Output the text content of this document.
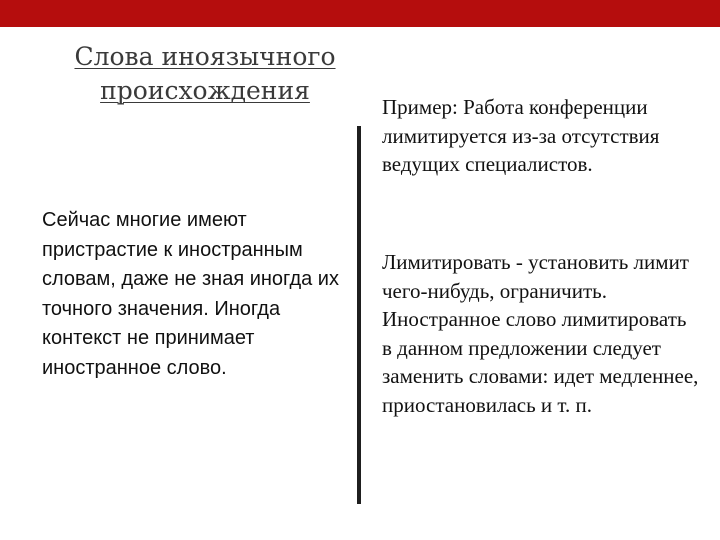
Слова иноязычного
происхождения
Сейчас многие имеют пристрастие к иностранным словам, даже не зная иногда их точного значения. Иногда контекст не принимает иностранное слово.
Пример: Работа конференции лимитируется из-за отсутствия ведущих специалистов.
Лимитировать - установить лимит чего-нибудь, ограничить. Иностранное слово лимитировать в данном предложении следует заменить словами: идет медленнее, приостановилась и т. п.
